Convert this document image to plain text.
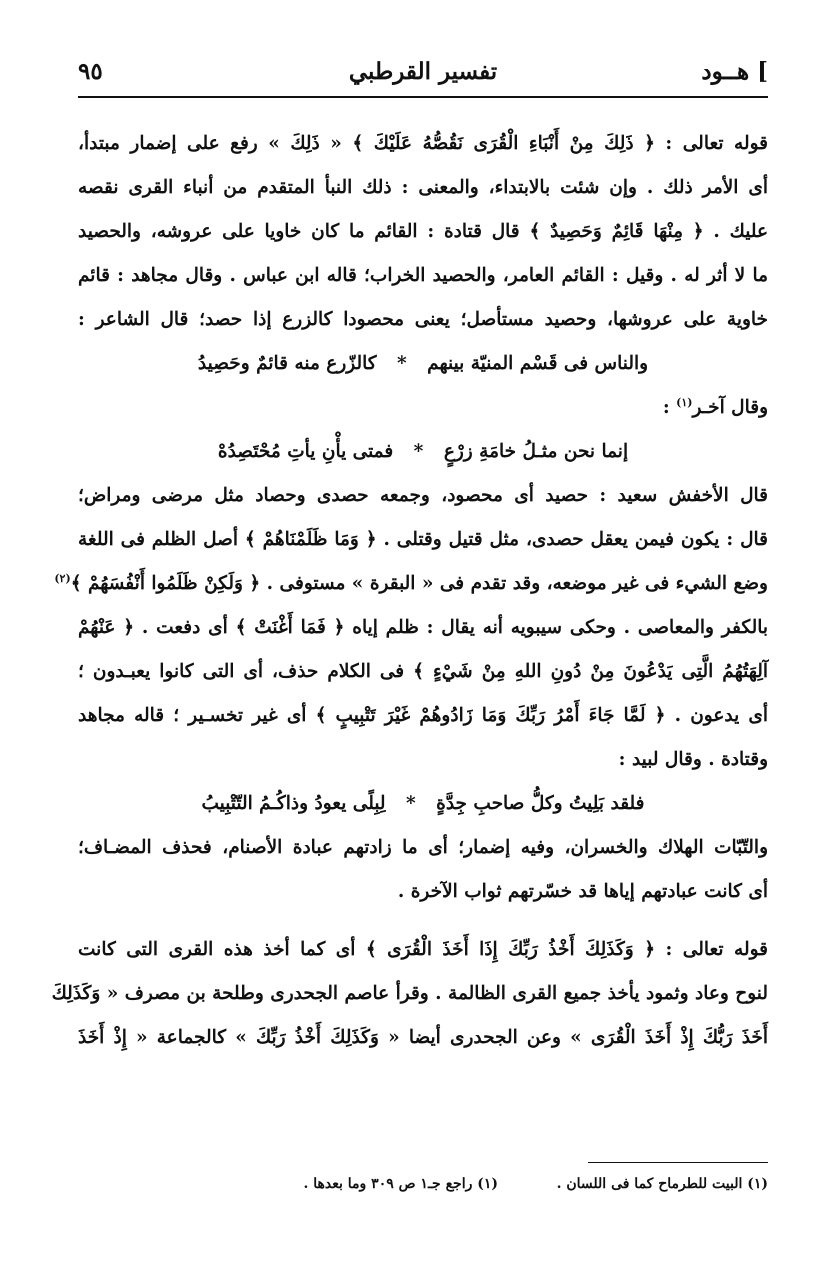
]هــود
تفسير القرطبي
٩٥
قوله تعالى : ﴿ ذَلِكَ مِنْ أَنْبَاءِ الْقُرَى نَقُصُّهُ عَلَيْكَ ﴾ « ذَلِكَ » رفع على إضمار مبتدأ،
أى الأمر ذلك . وإن شئت بالابتداء، والمعنى : ذلك النبأ المتقدم من أنباء القرى نقصه
عليك . ﴿ مِنْهَا قَائِمٌ وَحَصِيدٌ ﴾ قال قتادة : القائم ما كان خاويا على عروشه، والحصيد
ما لا أثر له . وقيل : القائم العامر، والحصيد الخراب؛ قاله ابن عباس . وقال مجاهد : قائم
خاوية على عروشها، وحصيد مستأصل؛ يعنى محصودا كالزرع إذا حصد؛ قال الشاعر :
والناس فى قَسْم المنيّة بينهم * كالزّرع منه قائمٌ وحَصِيدُ
وقال آخـر$^{(١)}$ :
إنما نحن مثـلُ خامَةِ زرْعٍ * فمتى يأْنِ يأتِ مُحْتَصِدُهْ
قال الأخفش سعيد : حصيد أى محصود، وجمعه حصدى وحصاد مثل مرضى ومراض؛
قال : يكون فيمن يعقل حصدى، مثل قتيل وقتلى . ﴿ وَمَا ظَلَمْنَاهُمْ ﴾ أصل الظلم فى اللغة
وضع الشيء فى غير موضعه، وقد تقدم فى « البقرة » مستوفى . ﴿ وَلَكِنْ ظَلَمُوا أَنْفُسَهُمْ ﴾$^{(٢)}$
بالكفر والمعاصى . وحكى سيبويه أنه يقال : ظلم إياه ﴿ فَمَا أَغْنَتْ ﴾ أى دفعت . ﴿ عَنْهُمْ
آلِهَتُهُمُ الَّتِى يَدْعُونَ مِنْ دُونِ اللهِ مِنْ شَيْءٍ ﴾ فى الكلام حذف، أى التى كانوا يعبـدون ؛
أى يدعون . ﴿ لَمَّا جَاءَ أَمْرُ رَبِّكَ وَمَا زَادُوهُمْ غَيْرَ تَتْبِيبٍ ﴾ أى غير تخسـير ؛ قاله مجاهد
وقتادة . وقال لبيد :
فلقد بَلِيتُ وكلُّ صاحبِ جِدَّةٍ * لِبِلًى يعودُ وذاكُـمُ التّتْبِيبُ
والتّبّات الهلاك والخسران، وفيه إضمار؛ أى ما زادتهم عبادة الأصنام، فحذف المضـاف؛
أى كانت عبادتهم إياها قد خسّرتهم ثواب الآخرة .
قوله تعالى : ﴿ وَكَذَلِكَ أَخْذُ رَبِّكَ إِذَا أَخَذَ الْقُرَى ﴾ أى كما أخذ هذه القرى التى كانت
لنوح وعاد وثمود يأخذ جميع القرى الظالمة . وقرأ عاصم الجحدرى وطلحة بن مصرف « وَكَذَلِكَ
أَخَذَ رَبُّكَ إِذْ أَخَذَ الْقُرَى » وعن الجحدرى أيضا « وَكَذَلِكَ أَخْذُ رَبِّكَ » كالجماعة « إِذْ أَخَذَ
(١) البيت للطرماح كما فى اللسان .
(١) راجع جـ١ ص ٣٠٩ وما بعدها .
